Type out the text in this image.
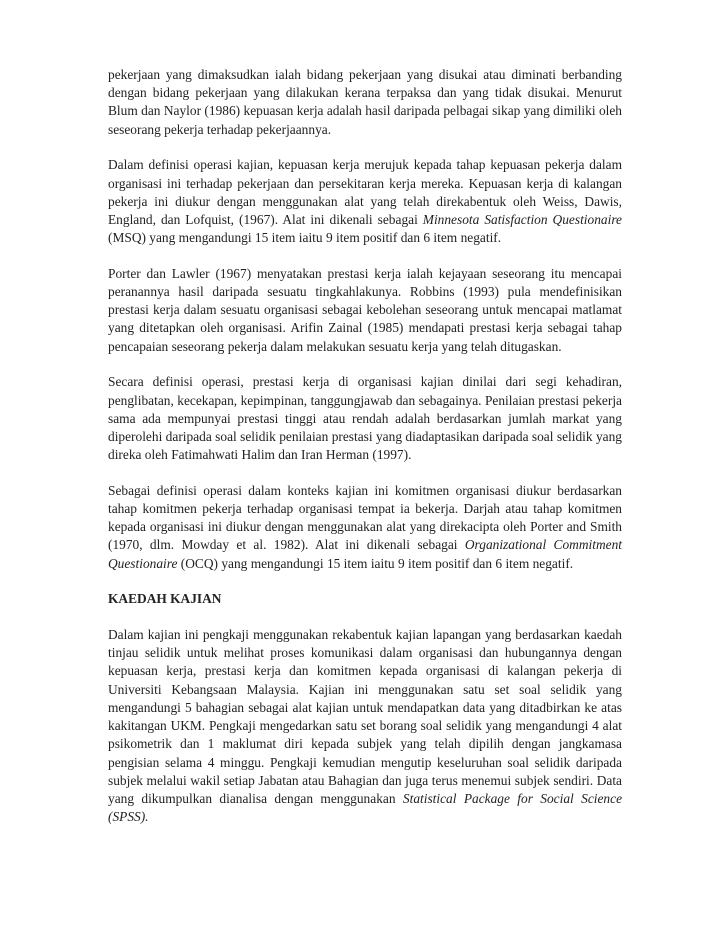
pekerjaan yang dimaksudkan ialah bidang pekerjaan yang disukai atau diminati berbanding dengan bidang pekerjaan yang dilakukan kerana terpaksa dan yang tidak disukai. Menurut Blum dan Naylor (1986) kepuasan kerja adalah hasil daripada pelbagai sikap yang dimiliki oleh seseorang pekerja terhadap pekerjaannya.

Dalam definisi operasi kajian, kepuasan kerja merujuk kepada tahap kepuasan pekerja dalam organisasi ini terhadap pekerjaan dan persekitaran kerja mereka. Kepuasan kerja di kalangan pekerja ini diukur dengan menggunakan alat yang telah direkabentuk oleh Weiss, Dawis, England, dan Lofquist, (1967). Alat ini dikenali sebagai Minnesota Satisfaction Questionaire (MSQ) yang mengandungi 15 item iaitu 9 item positif dan 6 item negatif.

Porter dan Lawler (1967) menyatakan prestasi kerja ialah kejayaan seseorang itu mencapai peranannya hasil daripada sesuatu tingkahlakunya. Robbins (1993) pula mendefinisikan prestasi kerja dalam sesuatu organisasi sebagai kebolehan seseorang untuk mencapai matlamat yang ditetapkan oleh organisasi. Arifin Zainal (1985) mendapati prestasi kerja sebagai tahap pencapaian seseorang pekerja dalam melakukan sesuatu kerja yang telah ditugaskan.

Secara definisi operasi, prestasi kerja di organisasi kajian dinilai dari segi kehadiran, penglibatan, kecekapan, kepimpinan, tanggungjawab dan sebagainya. Penilaian prestasi pekerja sama ada mempunyai prestasi tinggi atau rendah adalah berdasarkan jumlah markat yang diperolehi daripada soal selidik penilaian prestasi yang diadaptasikan daripada soal selidik yang direka oleh Fatimahwati Halim dan Iran Herman (1997).

Sebagai definisi operasi dalam konteks kajian ini komitmen organisasi diukur berdasarkan tahap komitmen pekerja terhadap organisasi tempat ia bekerja. Darjah atau tahap komitmen kepada organisasi ini diukur dengan menggunakan alat yang direkacipta oleh Porter and Smith (1970, dlm. Mowday et al. 1982). Alat ini dikenali sebagai Organizational Commitment Questionaire (OCQ) yang mengandungi 15 item iaitu 9 item positif dan 6 item negatif.

KAEDAH KAJIAN

Dalam kajian ini pengkaji menggunakan rekabentuk kajian lapangan yang berdasarkan kaedah tinjau selidik untuk melihat proses komunikasi dalam organisasi dan hubungannya dengan kepuasan kerja, prestasi kerja dan komitmen kepada organisasi di kalangan pekerja di Universiti Kebangsaan Malaysia. Kajian ini menggunakan satu set soal selidik yang mengandungi 5 bahagian sebagai alat kajian untuk mendapatkan data yang ditadbirkan ke atas kakitangan UKM. Pengkaji mengedarkan satu set borang soal selidik yang mengandungi 4 alat psikometrik dan 1 maklumat diri kepada subjek yang telah dipilih dengan jangkamasa pengisian selama 4 minggu. Pengkaji kemudian mengutip keseluruhan soal selidik daripada subjek melalui wakil setiap Jabatan atau Bahagian dan juga terus menemui subjek sendiri. Data yang dikumpulkan dianalisa dengan menggunakan Statistical Package for Social Science (SPSS).
